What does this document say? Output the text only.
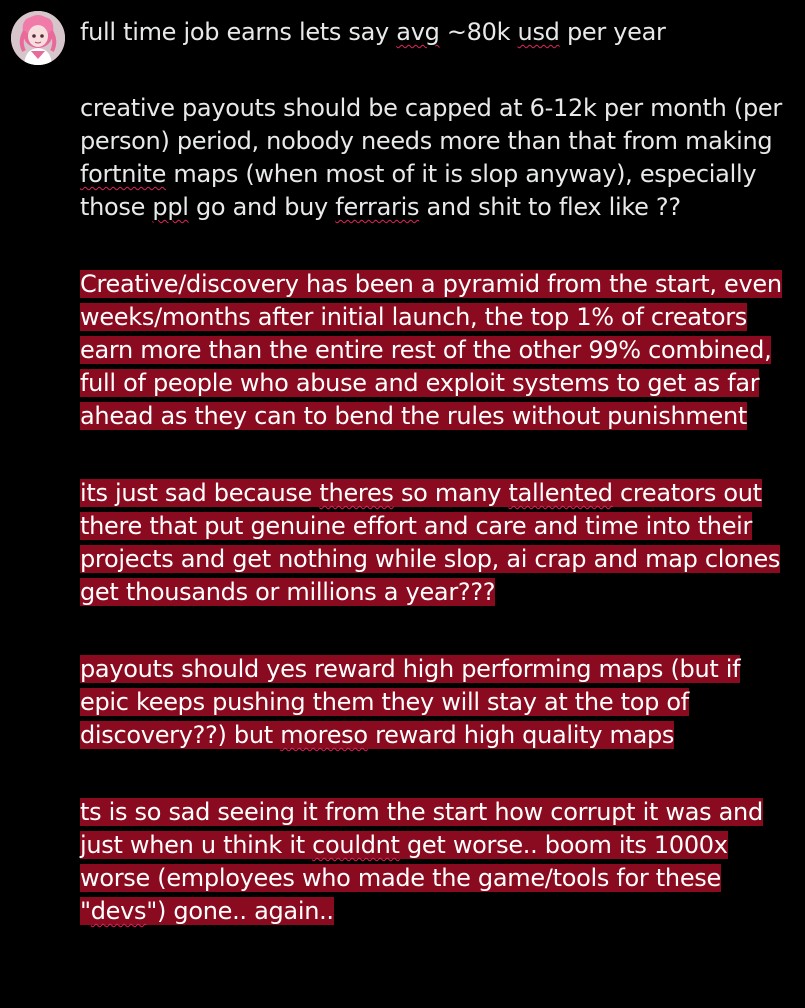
full time job earns lets say avg ~80k usd per year

creative payouts should be capped at 6-12k per month (per person) period, nobody needs more than that from making fortnite maps (when most of it is slop anyway), especially those ppl go and buy ferraris and shit to flex like ??

Creative/discovery has been a pyramid from the start, even weeks/months after initial launch, the top 1% of creators earn more than the entire rest of the other 99% combined, full of people who abuse and exploit systems to get as far ahead as they can to bend the rules without punishment

its just sad because theres so many tallented creators out there that put genuine effort and care and time into their projects and get nothing while slop, ai crap and map clones get thousands or millions a year???

payouts should yes reward high performing maps (but if epic keeps pushing them they will stay at the top of discovery??) but moreso reward high quality maps

ts is so sad seeing it from the start how corrupt it was and just when u think it couldnt get worse.. boom its 1000x worse (employees who made the game/tools for these "devs") gone.. again..
